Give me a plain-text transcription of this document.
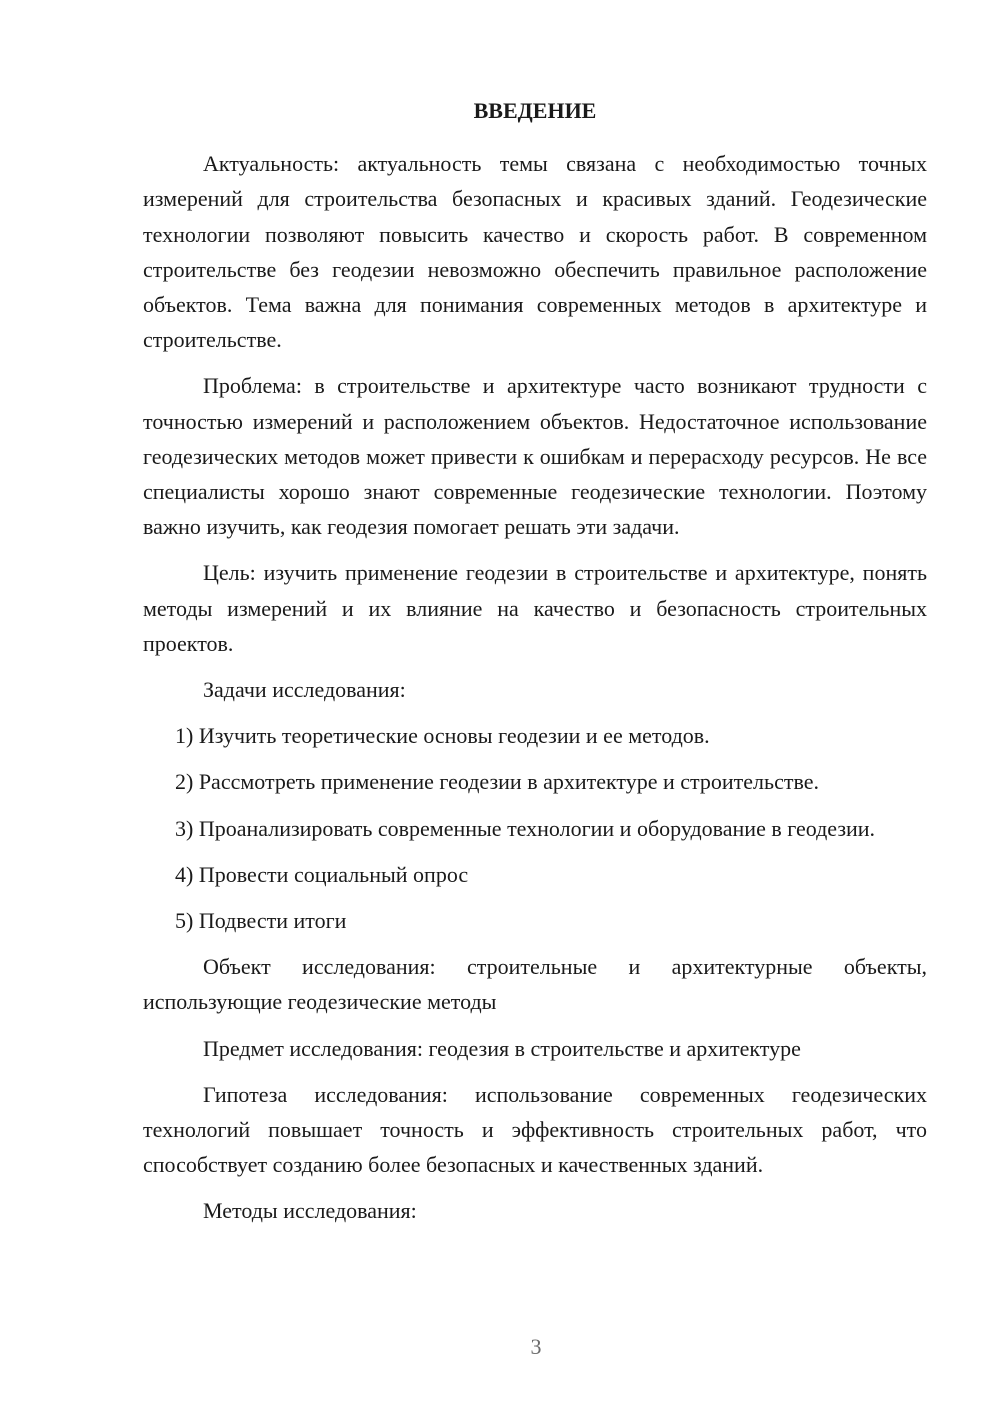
ВВЕДЕНИЕ

Актуальность: актуальность темы связана с необходимостью точных измерений для строительства безопасных и красивых зданий. Геодезические технологии позволяют повысить качество и скорость работ. В современном строительстве без геодезии невозможно обеспечить правильное расположение объектов. Тема важна для понимания современных методов в архитектуре и строительстве.

Проблема: в строительстве и архитектуре часто возникают трудности с точностью измерений и расположением объектов. Недостаточное использование геодезических методов может привести к ошибкам и перерасходу ресурсов. Не все специалисты хорошо знают современные геодезические технологии. Поэтому важно изучить, как геодезия помогает решать эти задачи.

Цель: изучить применение геодезии в строительстве и архитектуре, понять методы измерений и их влияние на качество и безопасность строительных проектов.

Задачи исследования:

1) Изучить теоретические основы геодезии и ее методов.

2) Рассмотреть применение геодезии в архитектуре и строительстве.

3) Проанализировать современные технологии и оборудование в геодезии.

4) Провести социальный опрос

5) Подвести итоги

Объект исследования: строительные и архитектурные объекты, использующие геодезические методы

Предмет исследования: геодезия в строительстве и архитектуре

Гипотеза исследования: использование современных геодезических технологий повышает точность и эффективность строительных работ, что способствует созданию более безопасных и качественных зданий.

Методы исследования:

3
